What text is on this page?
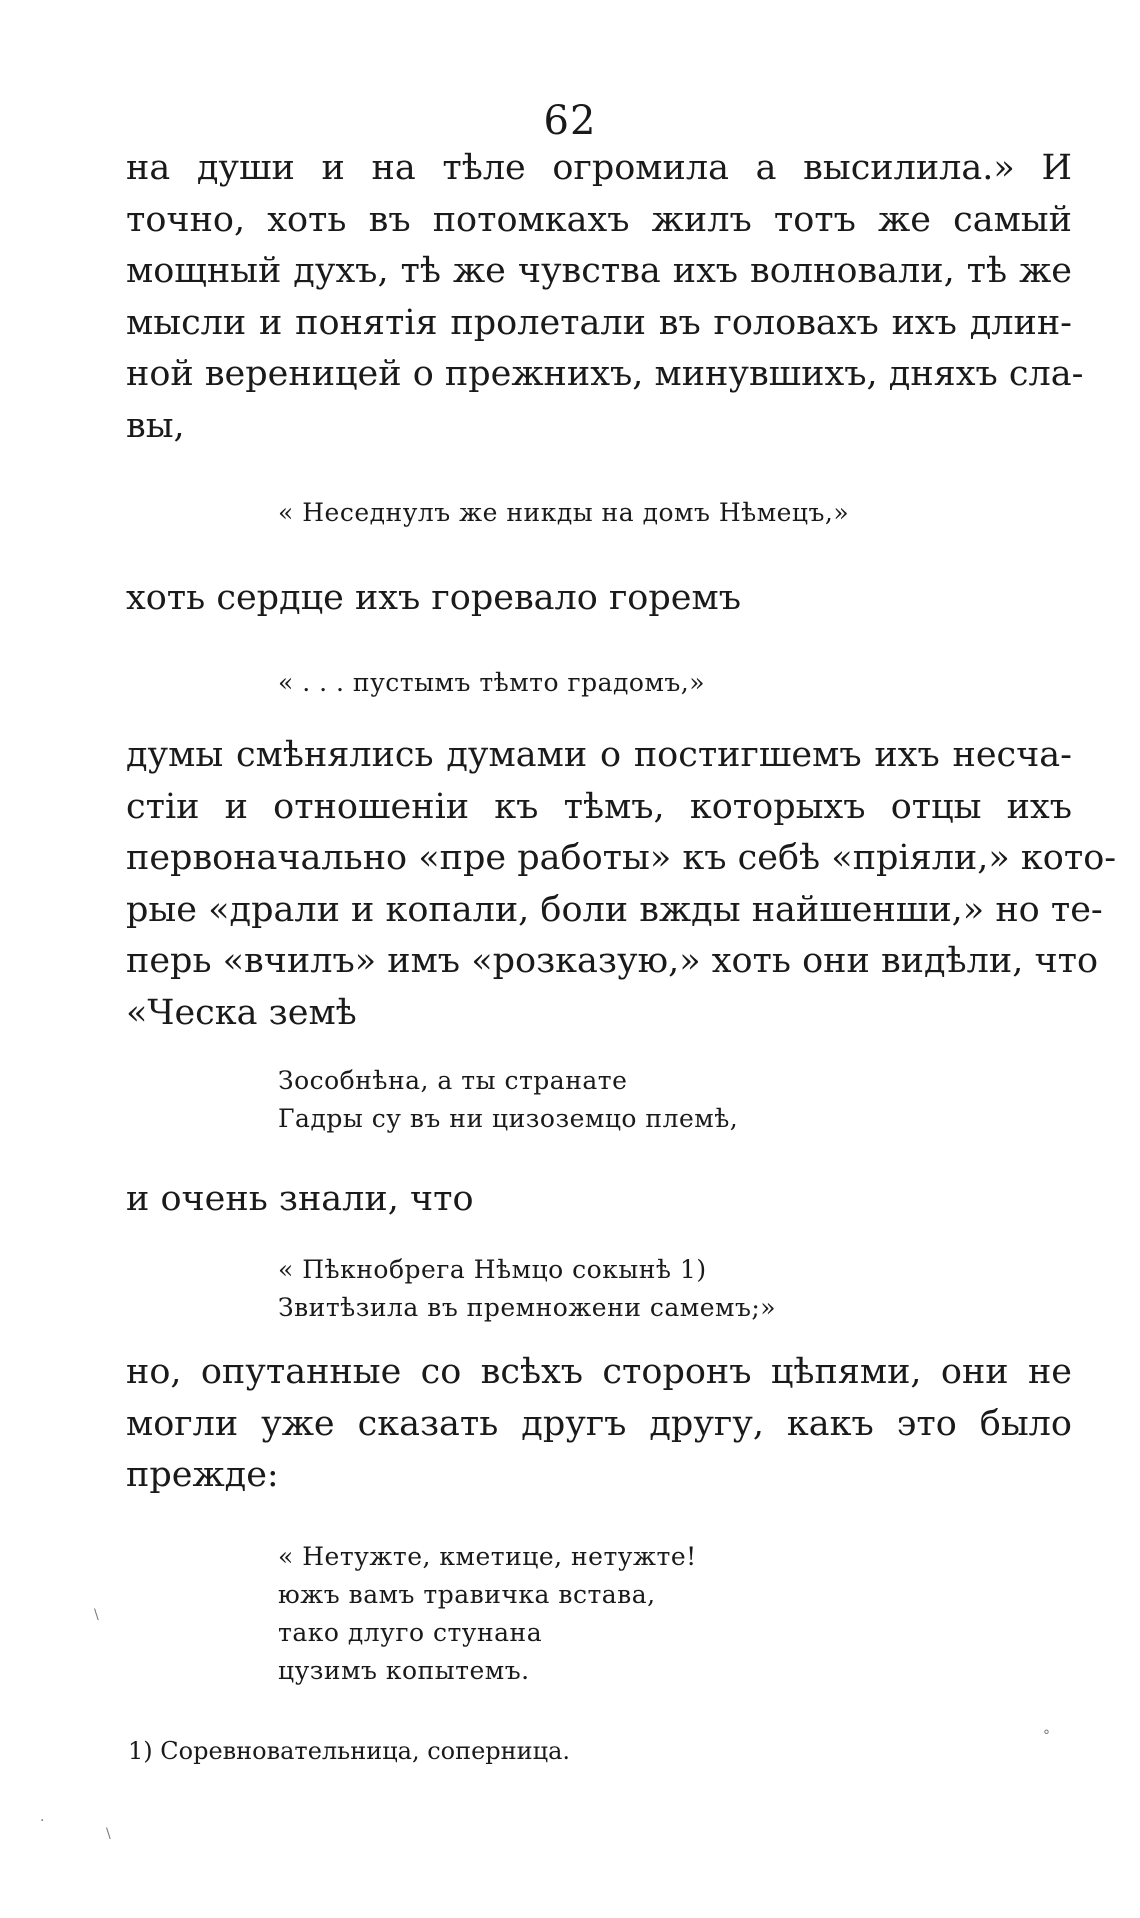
62
на души и на тѣле огромила а высилила.» И
точно, хоть въ потомкахъ жилъ тотъ же самый
мощный духъ, тѣ же чувства ихъ волновали, тѣ же
мысли и понятія пролетали въ головахъ ихъ длин-
ной вереницей о прежнихъ, минувшихъ, дняхъ сла-
вы,
« Неседнулъ же никды на домъ Нѣмецъ,»
хоть сердце ихъ горевало горемъ
« . . . пустымъ тѣмто градомъ,»
думы смѣнялись думами о постигшемъ ихъ несча-
стіи и отношеніи къ тѣмъ, которыхъ отцы ихъ
первоначально «пре работы» къ себѣ «пріяли,» кото-
рые «драли и копали, боли вжды найшенши,» но те-
перь «вчилъ» имъ «розказую,» хоть они видѣли, что
«Ческа земѣ
Зособнѣна, а ты странате
Гадры су въ ни цизоземцо племѣ,
и очень знали, что
« Пѣкнобрега Нѣмцо сокынѣ 1)
Звитѣзила въ премножени самемъ;»
но, опутанные со всѣхъ сторонъ цѣпями, они не
могли уже сказать другъ другу, какъ это было
прежде:
« Нетужте, кметице, нетужте!
южъ вамъ травичка встава,
тако длуго стунана
цузимъ копытемъ.
1) Соревновательница, соперница.
\
°
·
\
